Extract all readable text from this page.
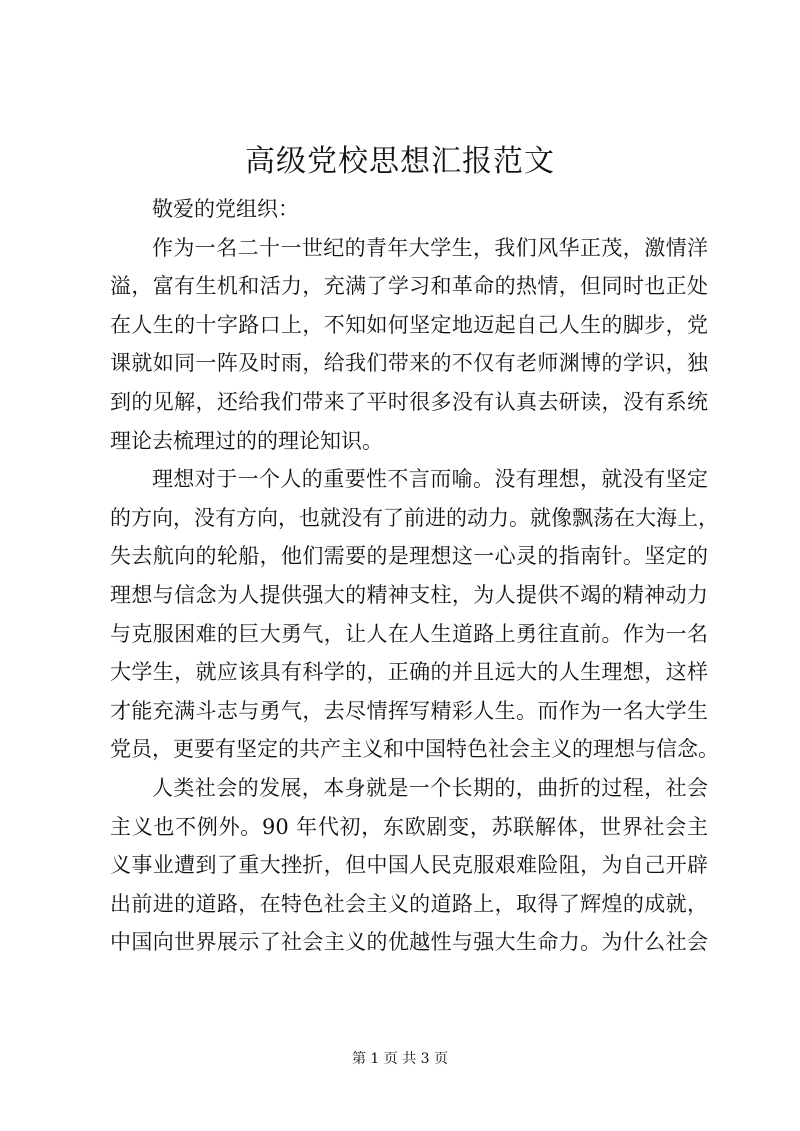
高级党校思想汇报范文
敬爱的党组织：
作为一名二十一世纪的青年大学生，我们风华正茂，激情洋
溢，富有生机和活力，充满了学习和革命的热情，但同时也正处
在人生的十字路口上，不知如何坚定地迈起自己人生的脚步，党
课就如同一阵及时雨，给我们带来的不仅有老师渊博的学识，独
到的见解，还给我们带来了平时很多没有认真去研读，没有系统
理论去梳理过的的理论知识。
理想对于一个人的重要性不言而喻。没有理想，就没有坚定
的方向，没有方向，也就没有了前进的动力。就像飘荡在大海上，
失去航向的轮船，他们需要的是理想这一心灵的指南针。坚定的
理想与信念为人提供强大的精神支柱，为人提供不竭的精神动力
与克服困难的巨大勇气，让人在人生道路上勇往直前。作为一名
大学生，就应该具有科学的，正确的并且远大的人生理想，这样
才能充满斗志与勇气，去尽情挥写精彩人生。而作为一名大学生
党员，更要有坚定的共产主义和中国特色社会主义的理想与信念。
人类社会的发展，本身就是一个长期的，曲折的过程，社会
主义也不例外。90 年代初，东欧剧变，苏联解体，世界社会主
义事业遭到了重大挫折，但中国人民克服艰难险阻，为自己开辟
出前进的道路，在特色社会主义的道路上，取得了辉煌的成就，
中国向世界展示了社会主义的优越性与强大生命力。为什么社会
第 1 页 共 3 页
